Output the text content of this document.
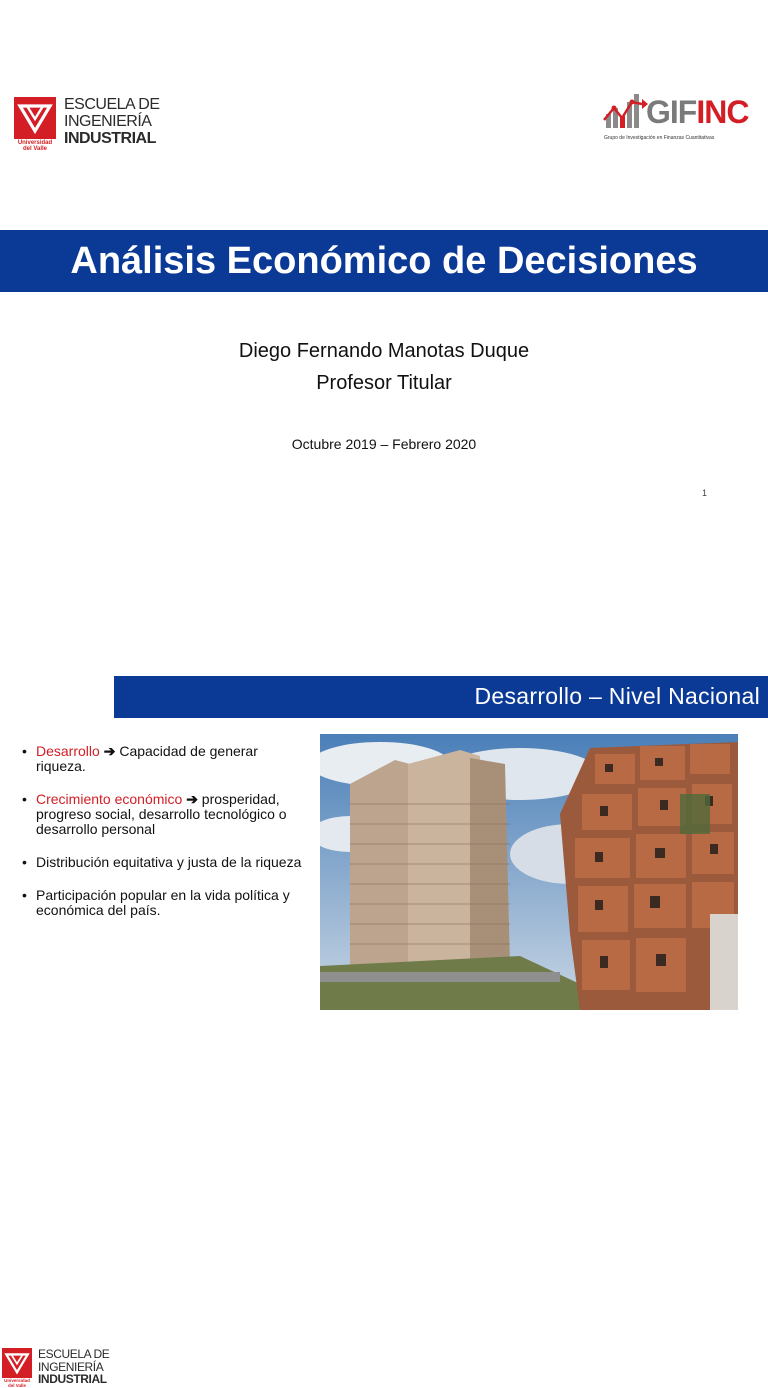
Universidad
del Valle
ESCUELA DE
INGENIERÍA
INDUSTRIAL
GIFINC
Grupo de Investigación en Finanzas Cuantitativas
Análisis Económico de Decisiones
Diego Fernando Manotas Duque
Profesor Titular
Octubre 2019 – Febrero 2020
1
Universidad
del Valle
ESCUELA DE
INGENIERÍA
INDUSTRIAL
Desarrollo – Nivel Nacional
• Desarrollo ➔ Capacidad de generar riqueza.
• Crecimiento económico ➔ prosperidad, progreso social, desarrollo tecnológico o desarrollo personal
• Distribución equitativa y justa de la riqueza
• Participación popular en la vida política y económica del país.
